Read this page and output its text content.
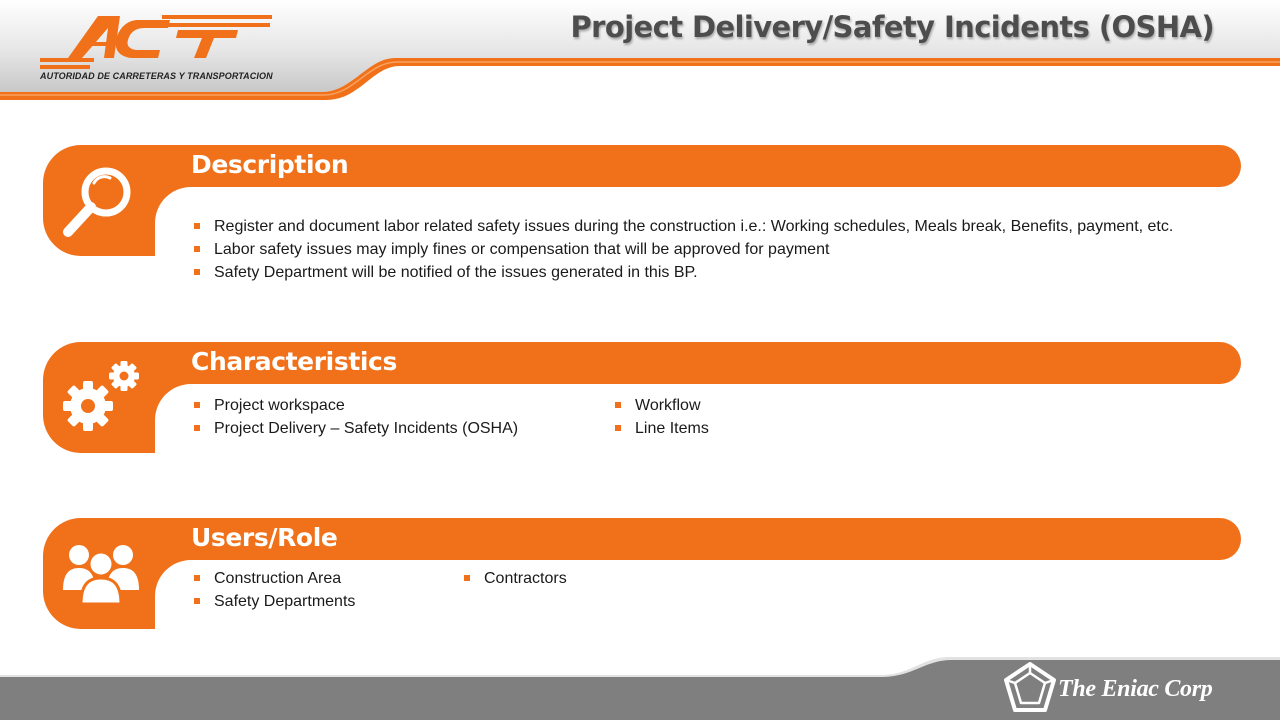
AUTORIDAD DE CARRETERAS Y TRANSPORTACION
Project Delivery/Safety Incidents (OSHA)
Description
Register and document labor related safety issues during the construction i.e.: Working schedules, Meals break, Benefits, payment, etc.
Labor safety issues may imply fines or compensation that will be approved for payment
Safety Department will be notified of the issues generated in this BP.
Characteristics
Project workspace
Project Delivery – Safety Incidents (OSHA)
Workflow
Line Items
Users/Role
Construction Area
Safety Departments
Contractors
The Eniac Corp
